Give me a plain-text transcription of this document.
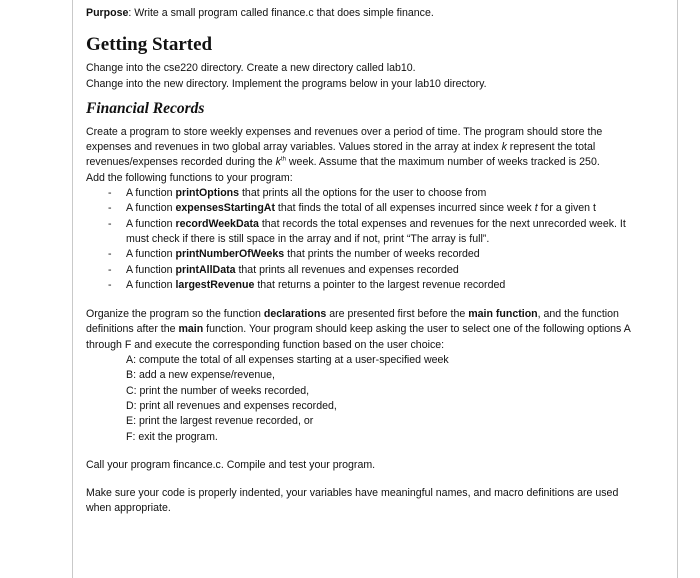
Purpose: Write a small program called finance.c that does simple finance.

Getting Started

Change into the cse220 directory. Create a new directory called lab10.

Change into the new directory. Implement the programs below in your lab10 directory.

Financial Records

Create a program to store weekly expenses and revenues over a period of time. The program should store the expenses and revenues in two global array variables. Values stored in the array at index k represent the total revenues/expenses recorded during the $k^{th}$ week. Assume that the maximum number of weeks tracked is 250.

Add the following functions to your program:

- A function printOptions that prints all the options for the user to choose from
- A function expensesStartingAt that finds the total of all expenses incurred since week t for a given t
- A function recordWeekData that records the total expenses and revenues for the next unrecorded week. It must check if there is still space in the array and if not, print “The array is full”.
- A function printNumberOfWeeks that prints the number of weeks recorded
- A function printAllData that prints all revenues and expenses recorded
- A function largestRevenue that returns a pointer to the largest revenue recorded

Organize the program so the function declarations are presented first before the main function, and the function definitions after the main function. Your program should keep asking the user to select one of the following options A through F and execute the corresponding function based on the user choice:

A: compute the total of all expenses starting at a user-specified week

B: add a new expense/revenue,

C: print the number of weeks recorded,

D: print all revenues and expenses recorded,

E: print the largest revenue recorded, or

F: exit the program.

Call your program fincance.c. Compile and test your program.

Make sure your code is properly indented, your variables have meaningful names, and macro definitions are used when appropriate.
